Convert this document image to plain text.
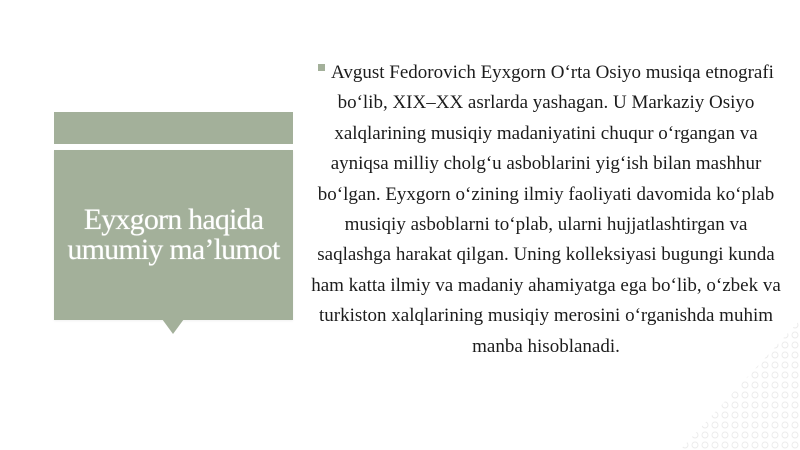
Eyxgorn haqida umumiy ma’lumot
Avgust Fedorovich Eyxgorn O‘rta Osiyo musiqa etnografi bo‘lib, XIX–XX asrlarda yashagan. U Markaziy Osiyo xalqlarining musiqiy madaniyatini chuqur o‘rgangan va ayniqsa milliy cholg‘u asboblarini yig‘ish bilan mashhur bo‘lgan. Eyxgorn o‘zining ilmiy faoliyati davomida ko‘plab musiqiy asboblarni to‘plab, ularni hujjatlashtirgan va saqlashga harakat qilgan. Uning kolleksiyasi bugungi kunda ham katta ilmiy va madaniy ahamiyatga ega bo‘lib, o‘zbek va turkiston xalqlarining musiqiy merosini o‘rganishda muhim manba hisoblanadi.
